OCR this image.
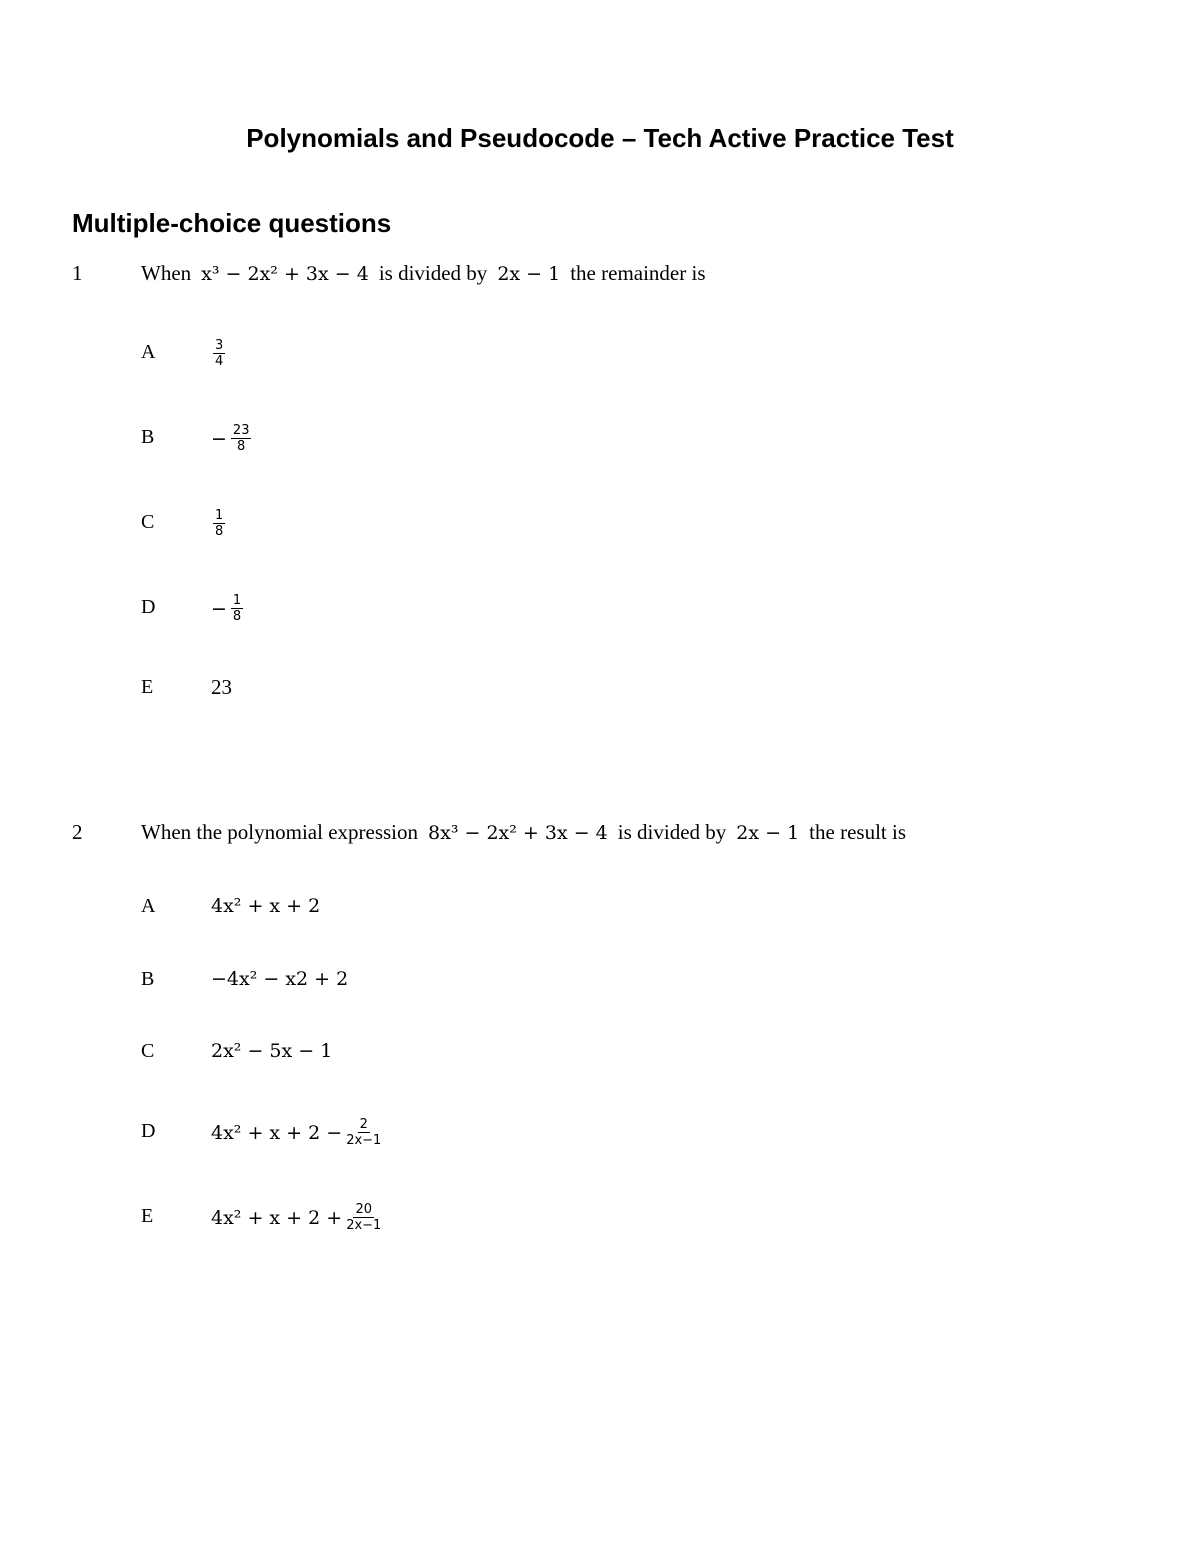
Polynomials and Pseudocode – Tech Active Practice Test
Multiple-choice questions
1	When x³ − 2x² + 3x − 4 is divided by 2x − 1 the remainder is
A	$\frac{3}{4}$
B	− $\frac{23}{8}$
C	$\frac{1}{8}$
D	− $\frac{1}{8}$
E	23
2	When the polynomial expression 8x³ − 2x² + 3x − 4 is divided by 2x − 1 the result is
A	4x² + x + 2
B	−4x² − x2 + 2
C	2x² − 5x − 1
D	$4x^2 + x + 2 - \frac{2}{2x-1}$
E	$4x^2 + x + 2 + \frac{20}{2x-1}$
